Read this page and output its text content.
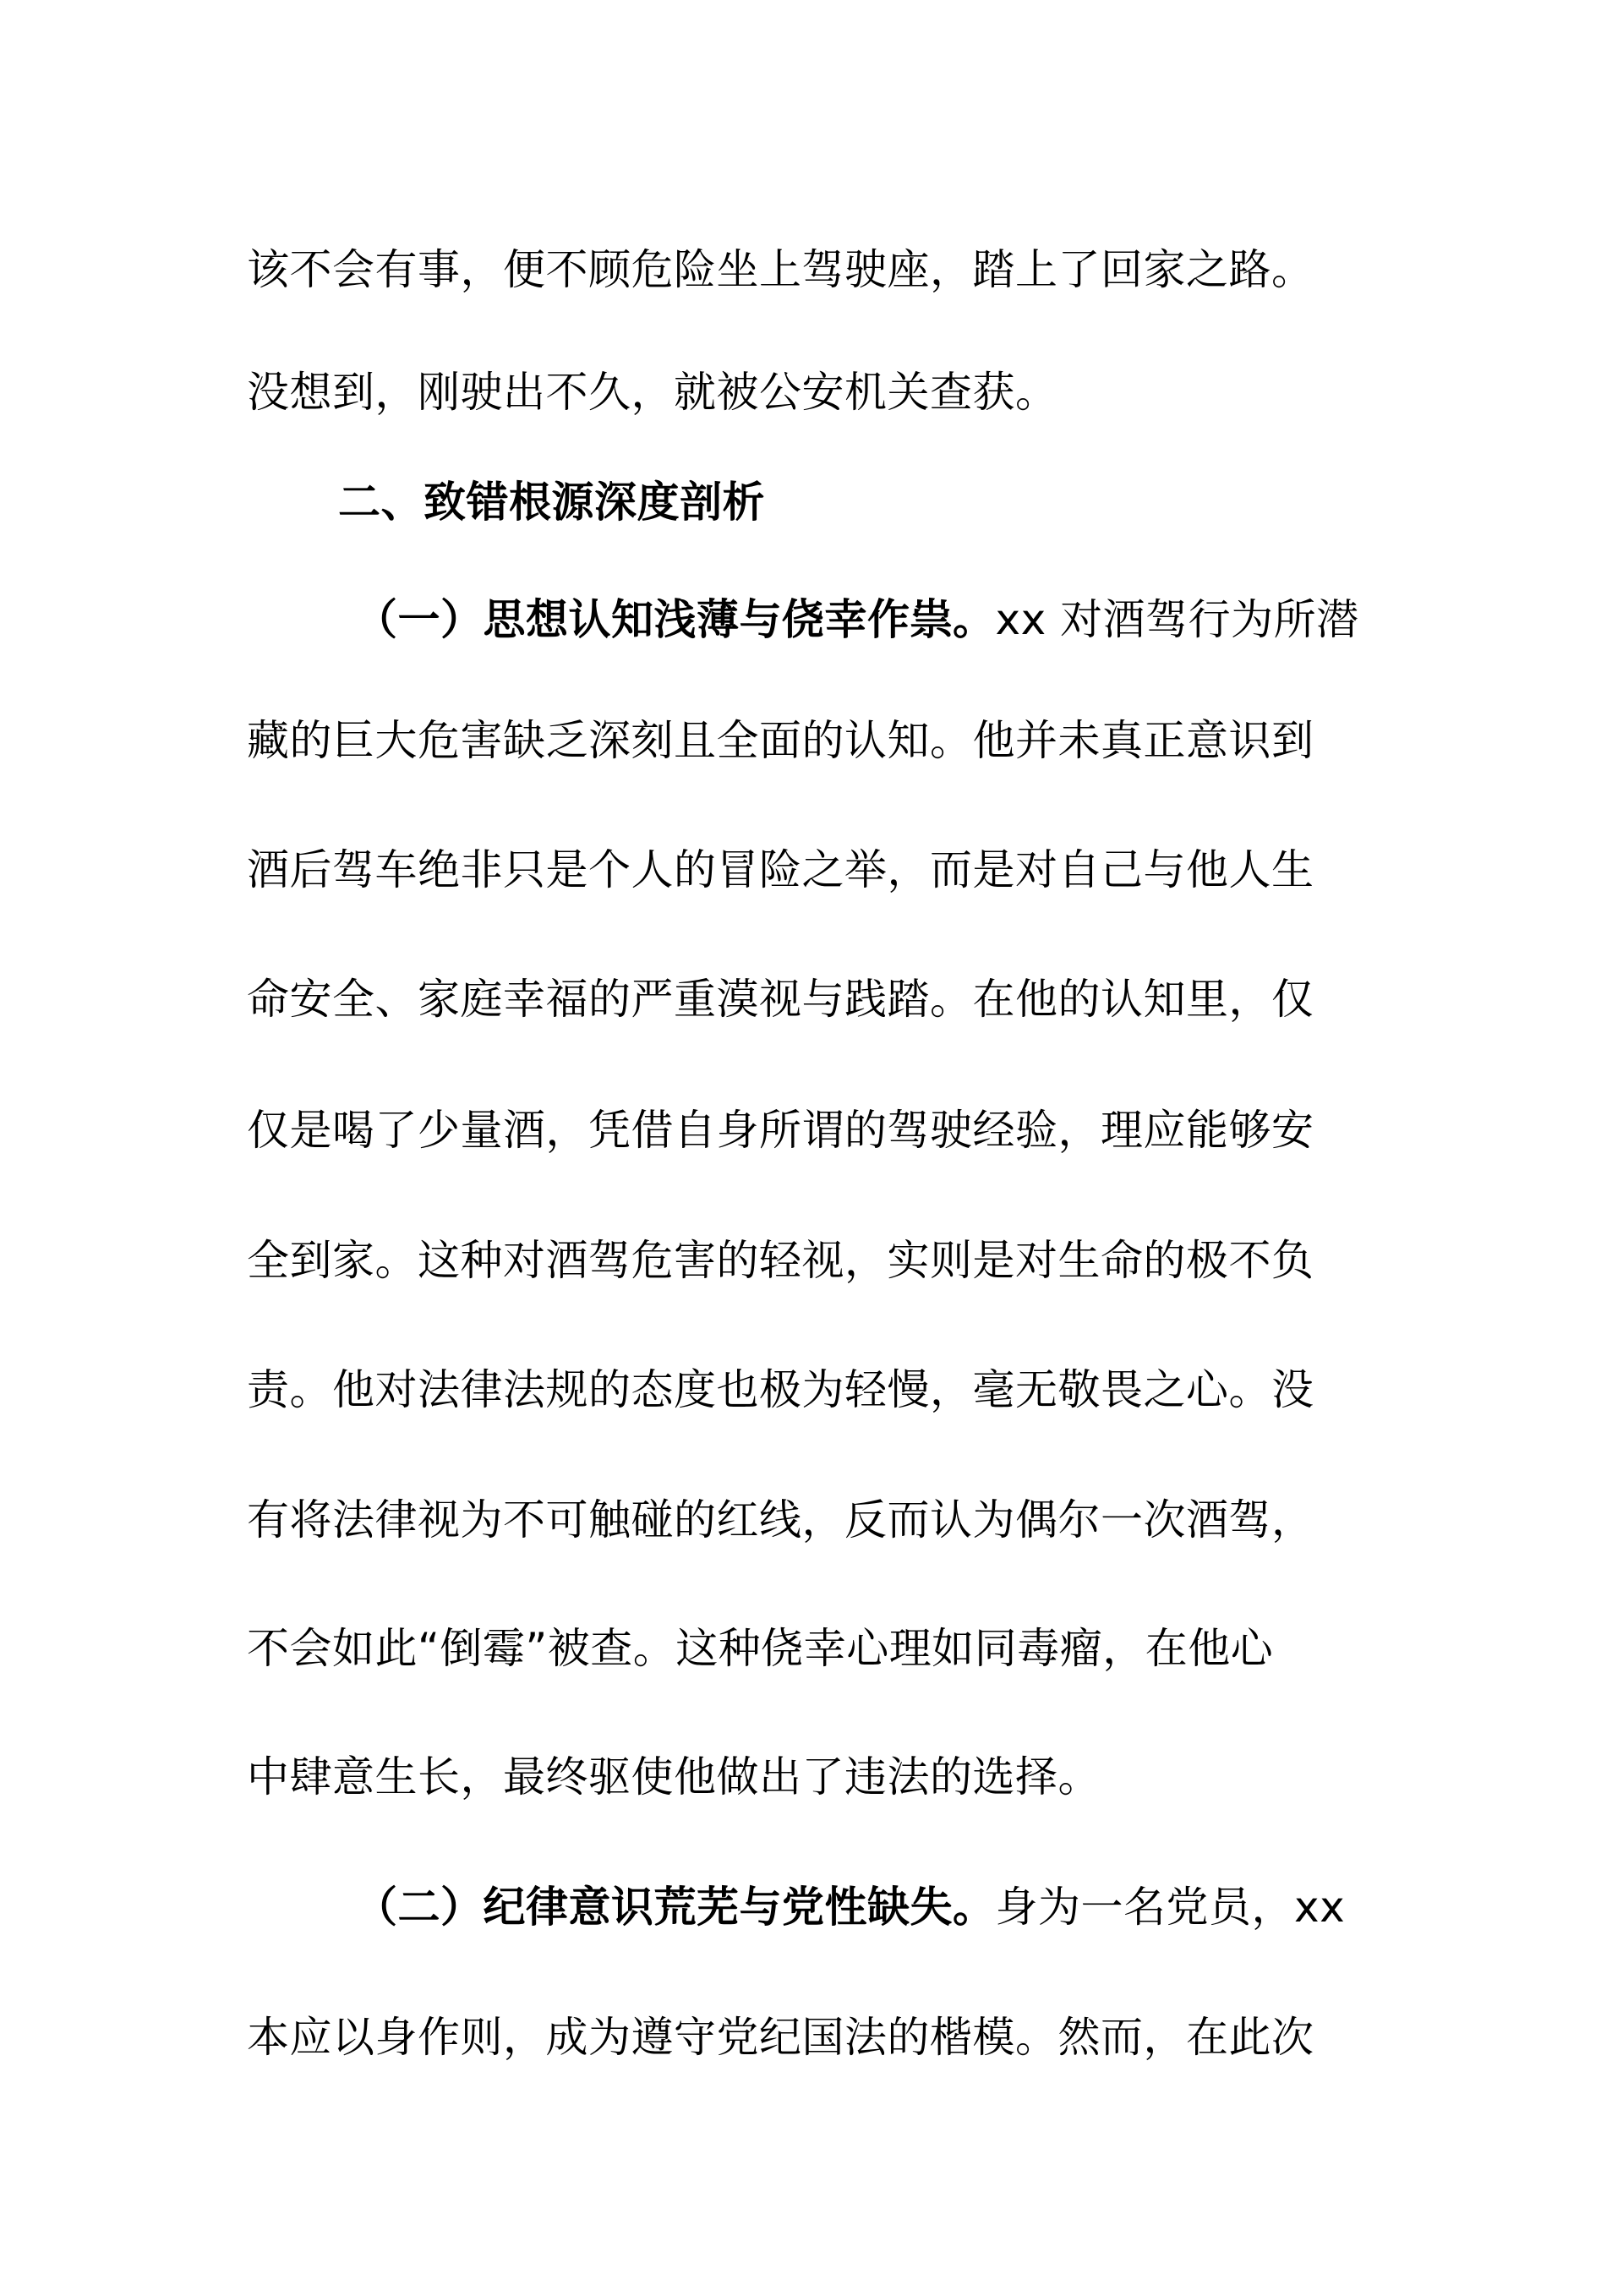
该不会有事，便不顾危险坐上驾驶座，踏上了回家之路。
没想到，刚驶出不久，就被公安机关查获。
二、致错根源深度剖析
（一）思想认知浅薄与侥幸作祟。xx 对酒驾行为所潜
藏的巨大危害缺乏深刻且全面的认知。他并未真正意识到
酒后驾车绝非只是个人的冒险之举，而是对自己与他人生
命安全、家庭幸福的严重漠视与践踏。在他的认知里，仅
仅是喝了少量酒，凭借自身所谓的驾驶经验，理应能够安
全到家。这种对酒驾危害的轻视，实则是对生命的极不负
责。他对法律法规的态度也极为轻慢，毫无敬畏之心。没
有将法律视为不可触碰的红线，反而认为偶尔一次酒驾，
不会如此“倒霉”被查。这种侥幸心理如同毒瘤，在他心
中肆意生长，最终驱使他做出了违法的选择。
（二）纪律意识荒芜与党性缺失。身为一名党员，xx
本应以身作则，成为遵守党纪国法的楷模。然而，在此次
